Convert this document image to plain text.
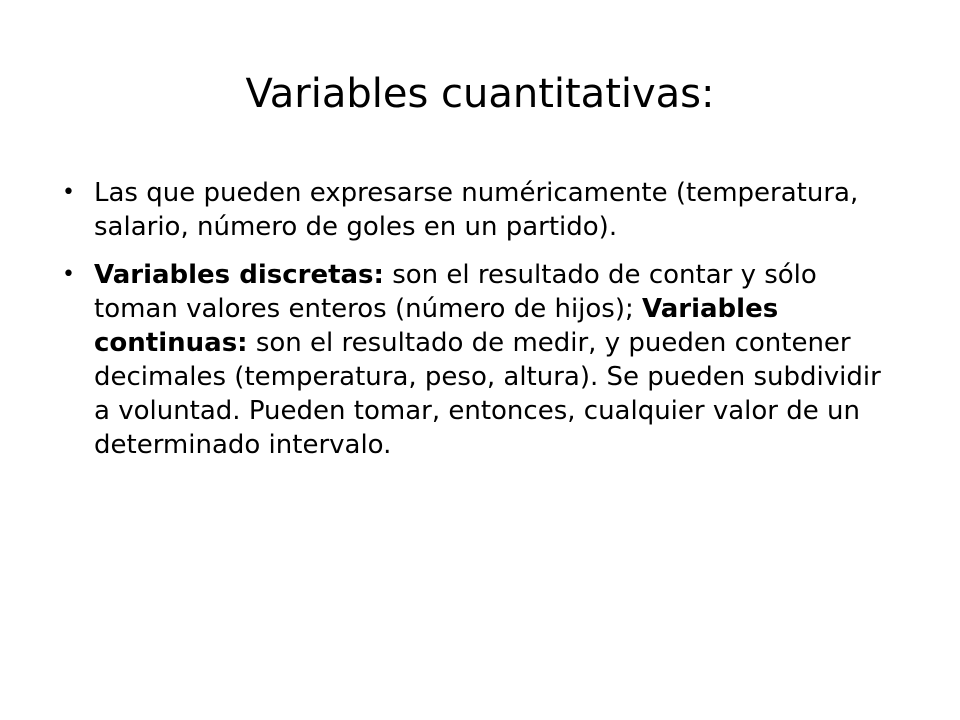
Variables cuantitativas:
• Las que pueden expresarse numéricamente (temperatura, salario, número de goles en un partido).
• Variables discretas: son el resultado de contar y sólo toman valores enteros (número de hijos); Variables continuas: son el resultado de medir, y pueden contener decimales (temperatura, peso, altura). Se pueden subdividir a voluntad. Pueden tomar, entonces, cualquier valor de un determinado intervalo.
